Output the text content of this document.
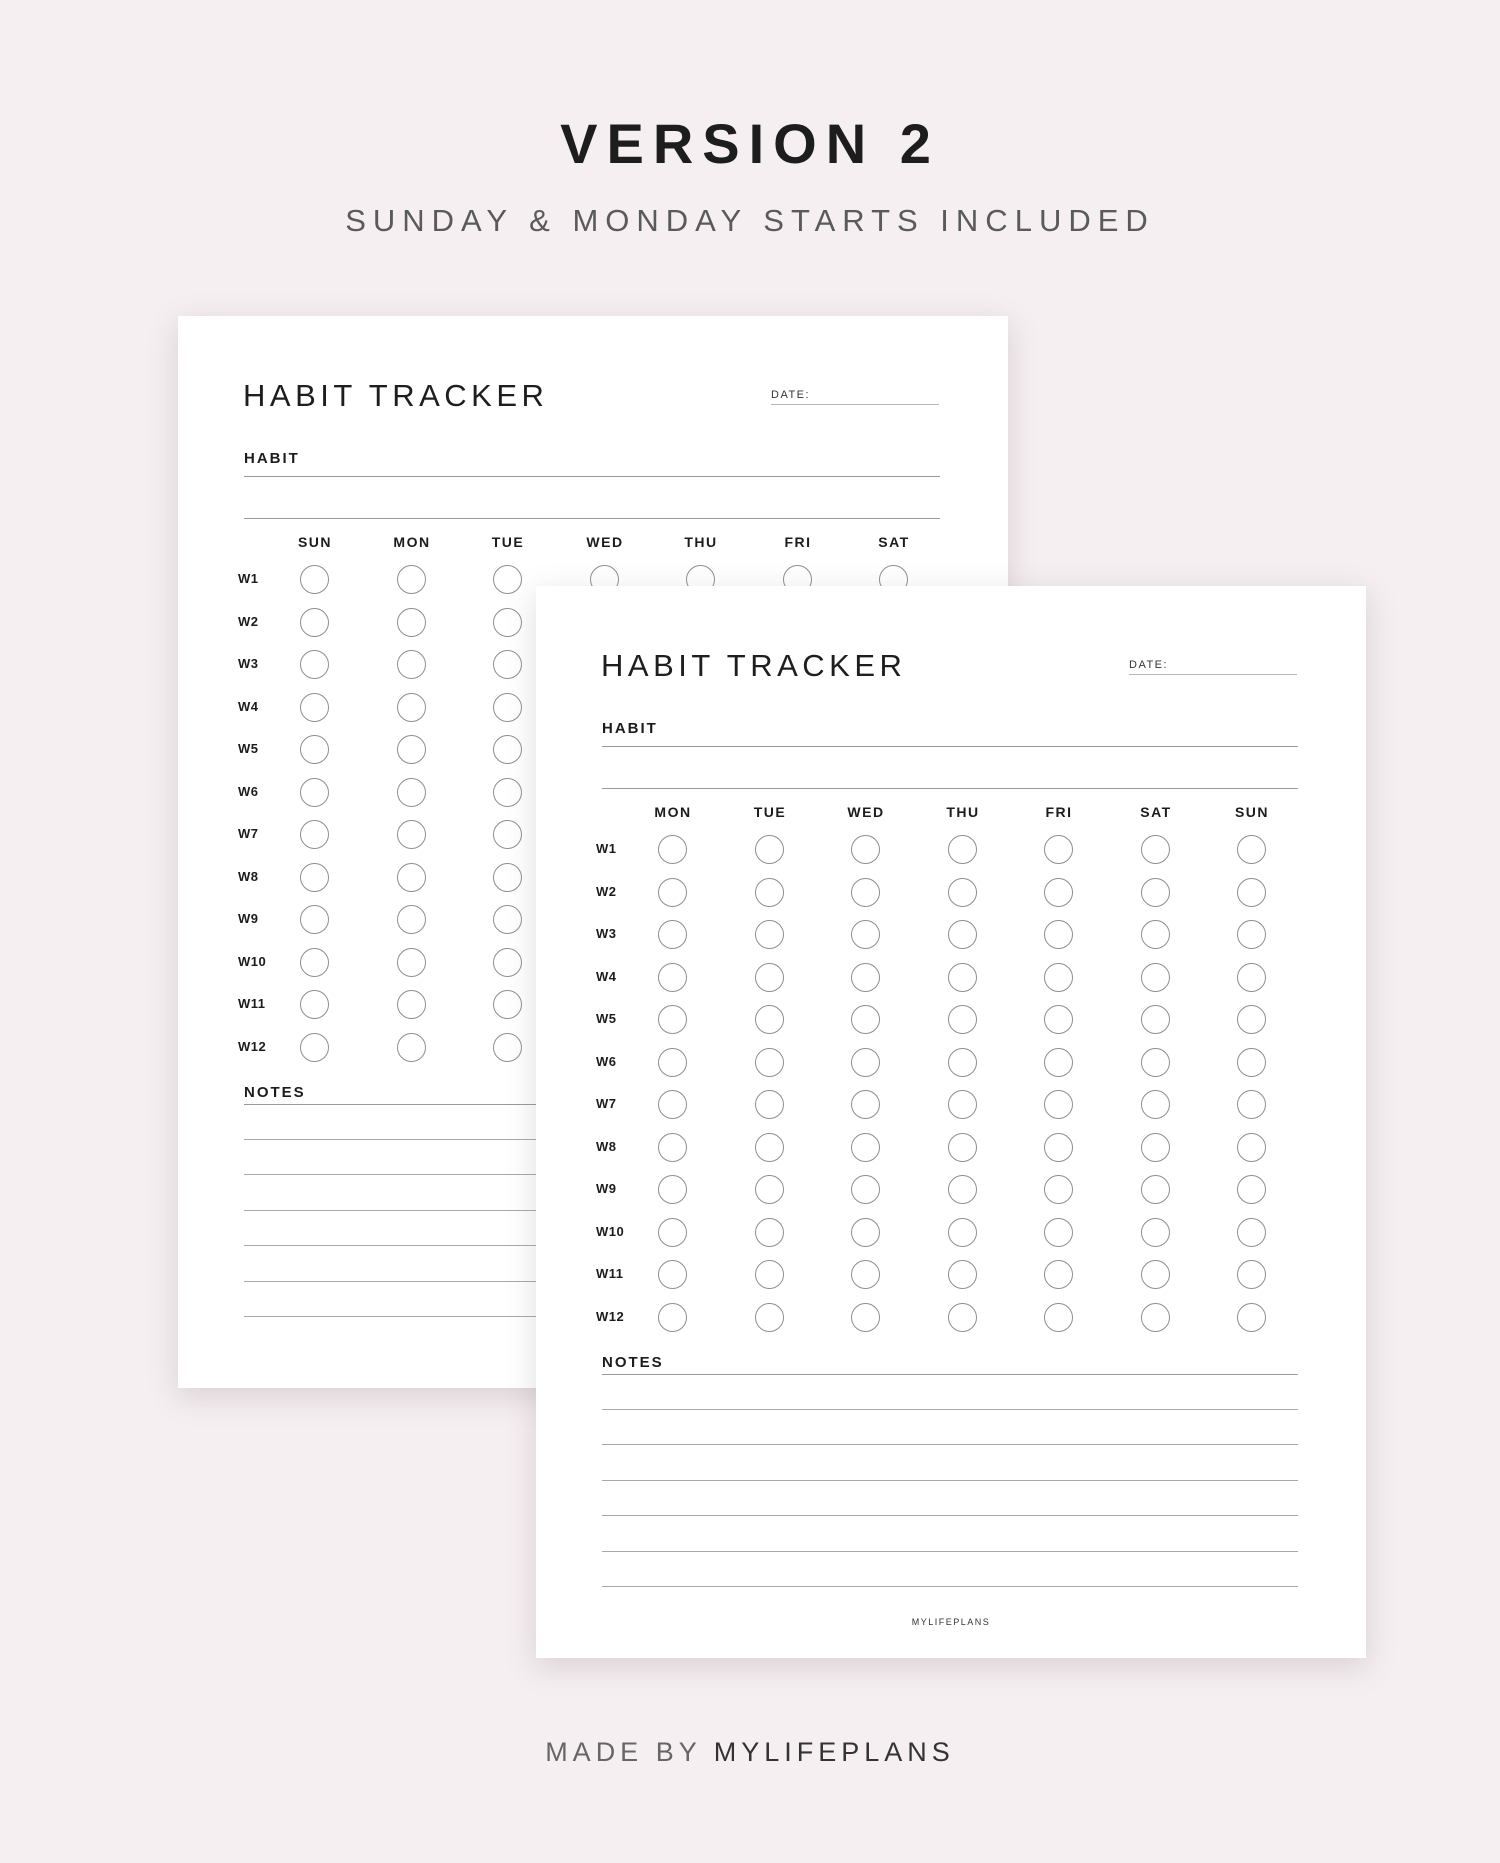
VERSION 2
SUNDAY & MONDAY STARTS INCLUDED
HABIT TRACKER	DATE:
HABIT
SUN	MON	TUE	WED	THU	FRI	SAT
W1
W2
W3
W4
W5
W6
W7
W8
W9
W10
W11
W12
NOTES
HABIT TRACKER	DATE:
HABIT
MON	TUE	WED	THU	FRI	SAT	SUN
W1
W2
W3
W4
W5
W6
W7
W8
W9
W10
W11
W12
NOTES
MYLIFEPLANS
MADE BY MYLIFEPLANS
